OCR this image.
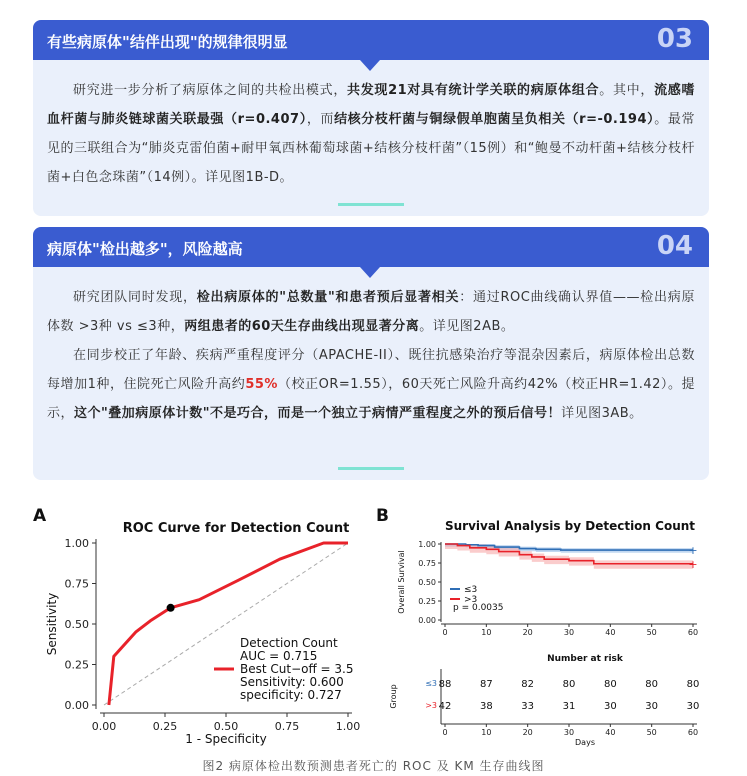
有些病原体"结伴出现"的规律很明显	03

研究进一步分析了病原体之间的共检出模式，共发现21对具有统计学关联的病原体组合。其中，流感嗜血杆菌与肺炎链球菌关联最强（r=0.407），而结核分枝杆菌与铜绿假单胞菌呈负相关（r=-0.194）。最常见的三联组合为“肺炎克雷伯菌+耐甲氧西林葡萄球菌+结核分枝杆菌”（15例）和“鲍曼不动杆菌+结核分枝杆菌+白色念珠菌”（14例）。详见图1B-D。

病原体"检出越多"，风险越高	04

研究团队同时发现，检出病原体的"总数量"和患者预后显著相关：通过ROC曲线确认界值——检出病原体数 >3种 vs ≤3种，两组患者的60天生存曲线出现显著分离。详见图2AB。

在同步校正了年龄、疾病严重程度评分（APACHE-II）、既往抗感染治疗等混杂因素后，病原体检出总数每增加1种，住院死亡风险升高约55%（校正OR=1.55），60天死亡风险升高约42%（校正HR=1.42）。提示，这个"叠加病原体计数"不是巧合，而是一个独立于病情严重程度之外的预后信号！详见图3AB。

A	B
ROC Curve for Detection Count
0.00
0.00
0.25
0.25
0.50
0.50
0.75
0.75
1.00
1.00
1 - Specificity
Sensitivity	Detection Count
AUC = 0.715
Best Cut−off = 3.5
Sensitivity: 0.600
specificity: 0.727
Survival Analysis by Detection Count
0.00
0.25
0.50
0.75
1.00
0	10	20	30	40	50	60
Overall Survival	+
+
≤3
>3
p = 0.0035
Number at risk
Group
≤3 88	87	82	80	80	80	80
>3 42	38	33	31	30	30	30
0	10	20	30	40	50	60
Days
图2 病原体检出数预测患者死亡的 ROC 及 KM 生存曲线图
